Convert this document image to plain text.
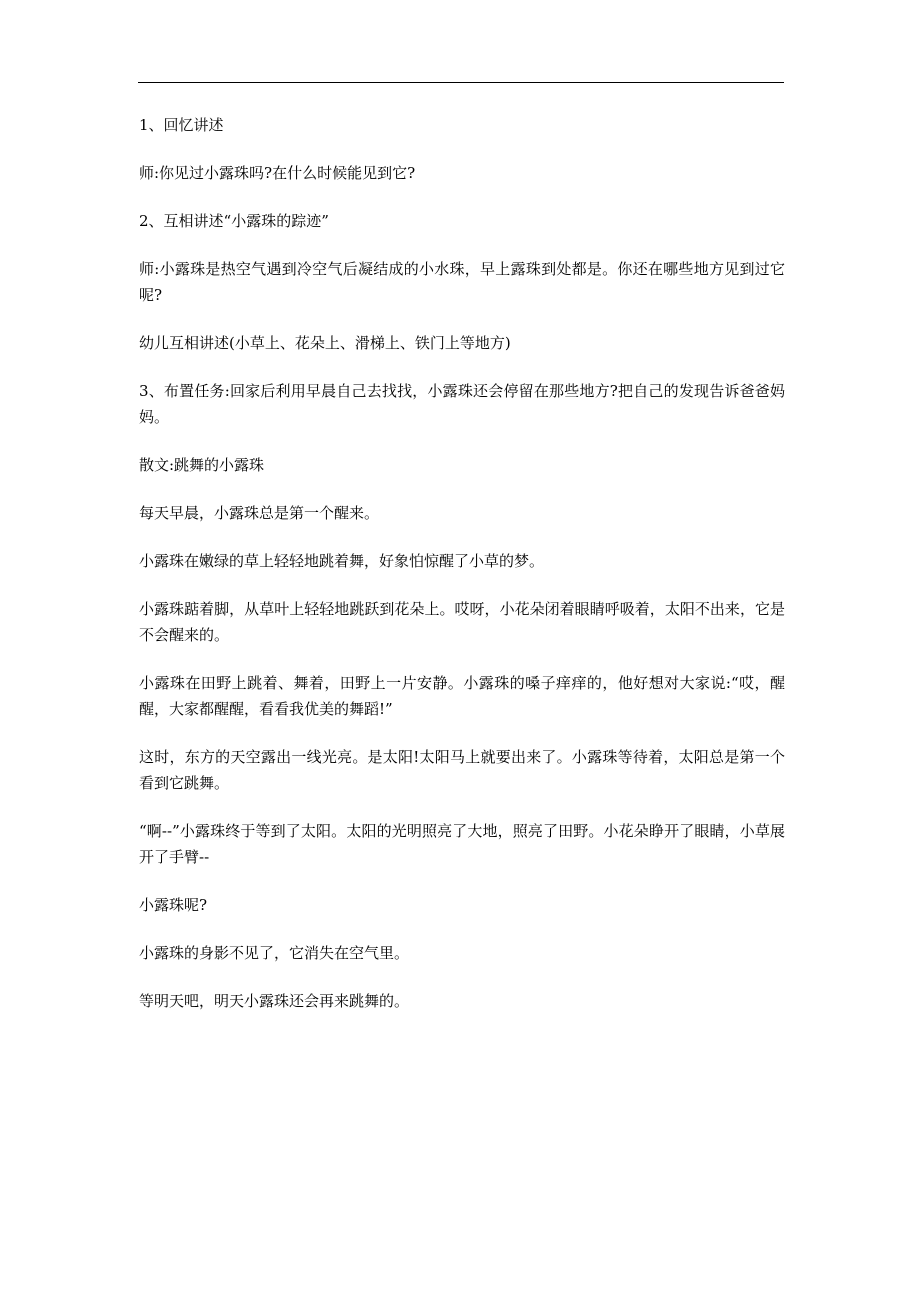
1、回忆讲述

师:你见过小露珠吗?在什么时候能见到它?

2、互相讲述“小露珠的踪迹”

师:小露珠是热空气遇到冷空气后凝结成的小水珠，早上露珠到处都是。你还在哪些地方见到过它呢?

幼儿互相讲述(小草上、花朵上、滑梯上、铁门上等地方)

3、布置任务:回家后利用早晨自己去找找，小露珠还会停留在那些地方?把自己的发现告诉爸爸妈妈。

散文:跳舞的小露珠

每天早晨，小露珠总是第一个醒来。

小露珠在嫩绿的草上轻轻地跳着舞，好象怕惊醒了小草的梦。

小露珠踮着脚，从草叶上轻轻地跳跃到花朵上。哎呀，小花朵闭着眼睛呼吸着，太阳不出来，它是不会醒来的。

小露珠在田野上跳着、舞着，田野上一片安静。小露珠的嗓子痒痒的，他好想对大家说:“哎，醒醒，大家都醒醒，看看我优美的舞蹈!”

这时，东方的天空露出一线光亮。是太阳!太阳马上就要出来了。小露珠等待着，太阳总是第一个看到它跳舞。

“啊--”小露珠终于等到了太阳。太阳的光明照亮了大地，照亮了田野。小花朵睁开了眼睛，小草展开了手臂--

小露珠呢?

小露珠的身影不见了，它消失在空气里。

等明天吧，明天小露珠还会再来跳舞的。
